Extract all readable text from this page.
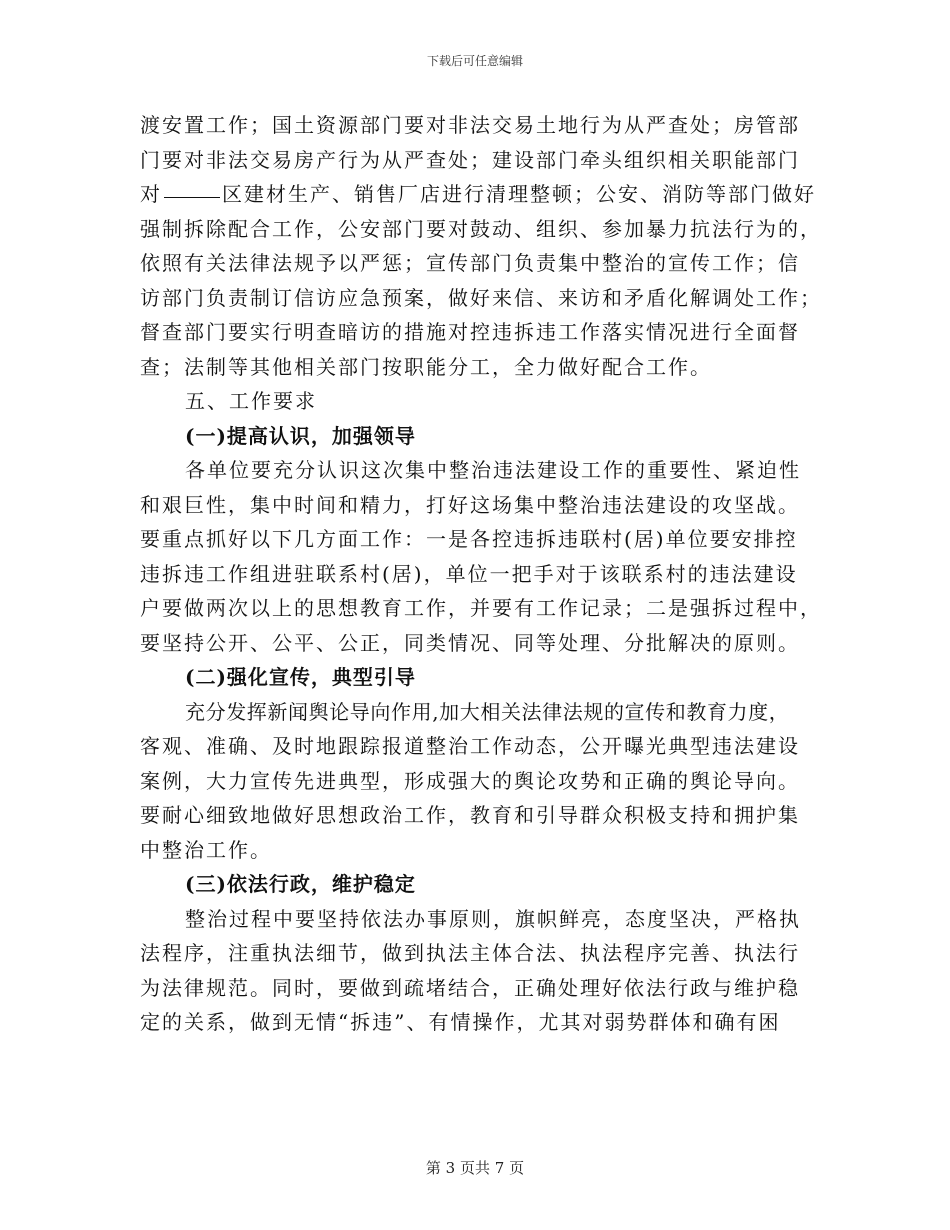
下载后可任意编辑
渡安置工作；国土资源部门要对非法交易土地行为从严查处；房管部
门要对非法交易房产行为从严查处；建设部门牵头组织相关职能部门
对	区建材生产、销售厂店进行清理整顿；公安、消防等部门做好
强制拆除配合工作，公安部门要对鼓动、组织、参加暴力抗法行为的，
依照有关法律法规予以严惩；宣传部门负责集中整治的宣传工作；信
访部门负责制订信访应急预案，做好来信、来访和矛盾化解调处工作；
督查部门要实行明查暗访的措施对控违拆违工作落实情况进行全面督
查；法制等其他相关部门按职能分工，全力做好配合工作。
五、工作要求
(一)提高认识，加强领导
各单位要充分认识这次集中整治违法建设工作的重要性、紧迫性
和艰巨性，集中时间和精力，打好这场集中整治违法建设的攻坚战。
要重点抓好以下几方面工作：一是各控违拆违联村(居)单位要安排控
违拆违工作组进驻联系村(居)，单位一把手对于该联系村的违法建设
户要做两次以上的思想教育工作，并要有工作记录；二是强拆过程中，
要坚持公开、公平、公正，同类情况、同等处理、分批解决的原则。
(二)强化宣传，典型引导
充分发挥新闻舆论导向作用,加大相关法律法规的宣传和教育力度，
客观、准确、及时地跟踪报道整治工作动态，公开曝光典型违法建设
案例，大力宣传先进典型，形成强大的舆论攻势和正确的舆论导向。
要耐心细致地做好思想政治工作，教育和引导群众积极支持和拥护集
中整治工作。
(三)依法行政，维护稳定
整治过程中要坚持依法办事原则，旗帜鲜亮，态度坚决，严格执
法程序，注重执法细节，做到执法主体合法、执法程序完善、执法行
为法律规范。同时，要做到疏堵结合，正确处理好依法行政与维护稳
定的关系，做到无情“拆违”、有情操作，尤其对弱势群体和确有困
第 3 页共 7 页
